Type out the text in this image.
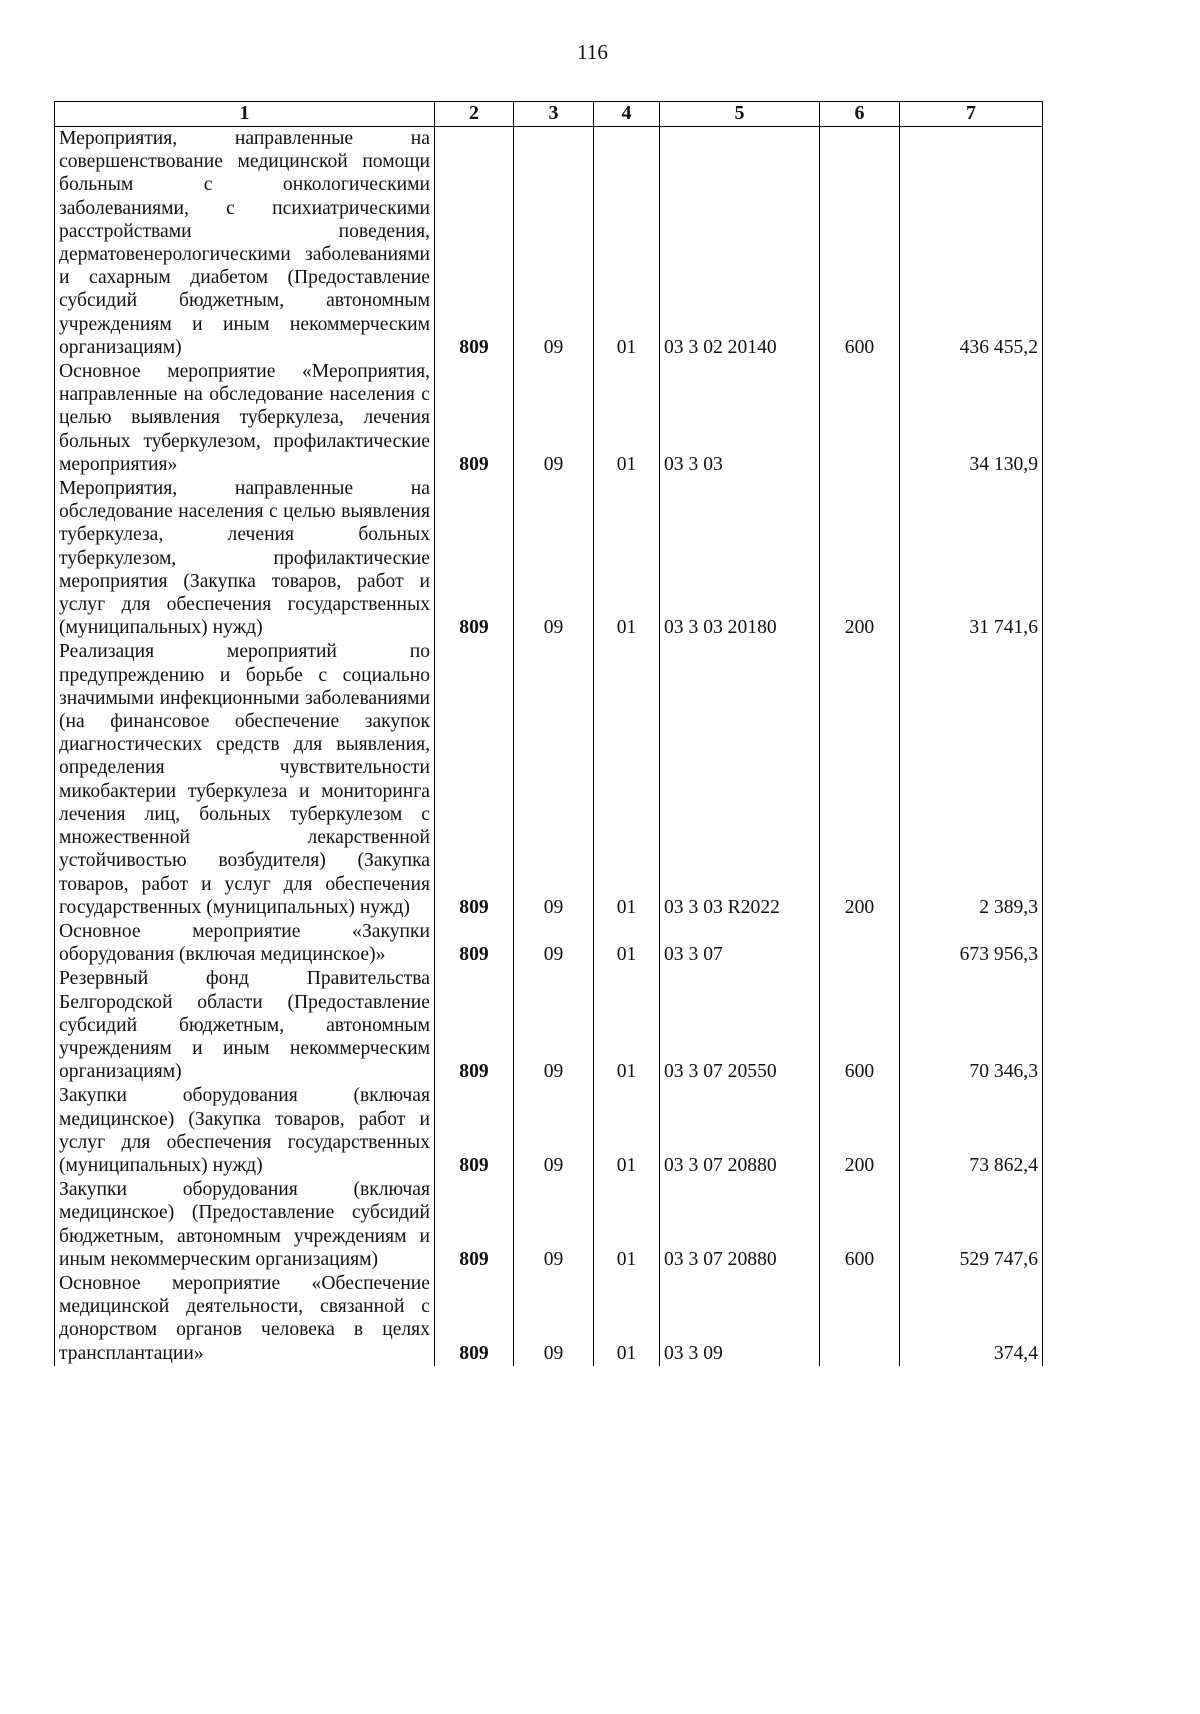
116
1	2	3	4	5	6	7

Мероприятия, направленные на совершенствование медицинской помощи больным с онкологическими заболеваниями, с психиатрическими расстройствами поведения, дерматовенерологическими заболеваниями и сахарным диабетом (Предоставление субсидий бюджетным, автономным учреждениям и иным некоммерческим организациям)	809	09	01	03 3 02 20140	600	436 455,2

Основное мероприятие «Мероприятия, направленные на обследование населения с целью выявления туберкулеза, лечения больных туберкулезом, профилактические мероприятия»	809	09	01	03 3 03		34 130,9

Мероприятия, направленные на обследование населения с целью выявления туберкулеза, лечения больных туберкулезом, профилактические мероприятия (Закупка товаров, работ и услуг для обеспечения государственных (муниципальных) нужд)	809	09	01	03 3 03 20180	200	31 741,6

Реализация мероприятий по предупреждению и борьбе с социально значимыми инфекционными заболеваниями (на финансовое обеспечение закупок диагностических средств для выявления, определения чувствительности микобактерии туберкулеза и мониторинга лечения лиц, больных туберкулезом с множественной лекарственной устойчивостью возбудителя) (Закупка товаров, работ и услуг для обеспечения государственных (муниципальных) нужд)	809	09	01	03 3 03 R2022	200	2 389,3

Основное мероприятие «Закупки оборудования (включая медицинское)»	809	09	01	03 3 07		673 956,3

Резервный фонд Правительства Белгородской области (Предоставление субсидий бюджетным, автономным учреждениям и иным некоммерческим организациям)	809	09	01	03 3 07 20550	600	70 346,3

Закупки оборудования (включая медицинское) (Закупка товаров, работ и услуг для обеспечения государственных (муниципальных) нужд)	809	09	01	03 3 07 20880	200	73 862,4

Закупки оборудования (включая медицинское) (Предоставление субсидий бюджетным, автономным учреждениям и иным некоммерческим организациям)	809	09	01	03 3 07 20880	600	529 747,6

Основное мероприятие «Обеспечение медицинской деятельности, связанной с донорством органов человека в целях трансплантации»	809	09	01	03 3 09		374,4
